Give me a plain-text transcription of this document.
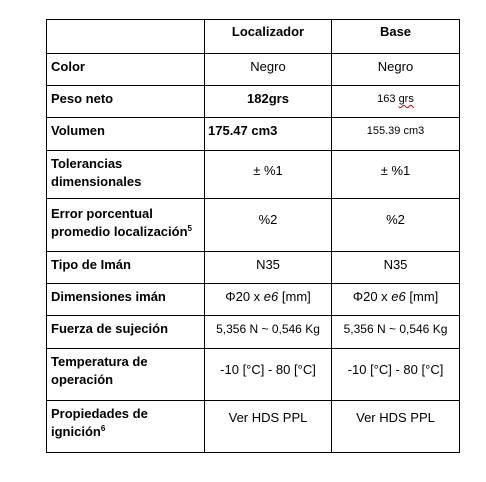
	Localizador	Base
Color	Negro	Negro
Peso neto	182grs	163 grs
Volumen	175.47 cm3	155.39 cm3
Tolerancias
dimensionales	± %1	± %1
Error porcentual
promedio localización$^5$	%2	%2
Tipo de Imán	N35	N35
Dimensiones imán	Φ20 x e6 [mm]	Φ20 x e6 [mm]
Fuerza de sujeción	5,356 N ~ 0,546 Kg	5,356 N ~ 0,546 Kg
Temperatura de
operación	-10 [°C] - 80 [°C]	-10 [°C] - 80 [°C]
Propiedades de
ignición$^6$	Ver HDS PPL	Ver HDS PPL
